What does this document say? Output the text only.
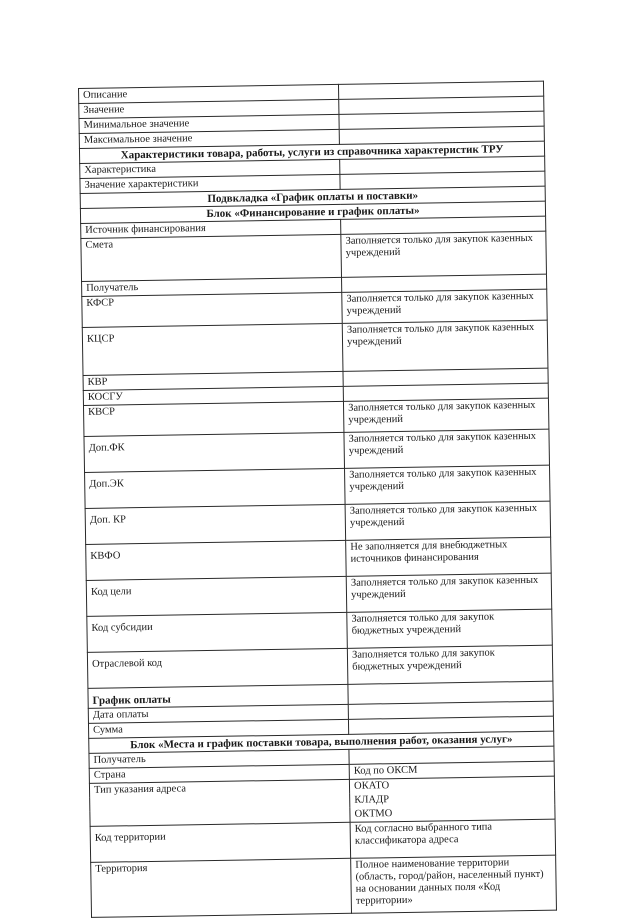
Описание	
Значение	
Минимальное значение	
Максимальное значение	
Характеристики товара, работы, услуги из справочника характеристик ТРУ	
Характеристика	
Значение характеристики	
Подвкладка «График оплаты и поставки»	
Блок «Финансирование и график оплаты»	
Источник финансирования	
Смета	Заполняется только для закупок казенных учреждений
Получатель	
КФСР	Заполняется только для закупок казенных учреждений
КЦСР	Заполняется только для закупок казенных учреждений
КВР	
КОСГУ	
КВСР	Заполняется только для закупок казенных учреждений
Доп.ФК	Заполняется только для закупок казенных учреждений
Доп.ЭК	Заполняется только для закупок казенных учреждений
Доп. КР	Заполняется только для закупок казенных учреждений
КВФО	Не заполняется для внебюджетных источников финансирования
Код цели	Заполняется только для закупок казенных учреждений
Код субсидии	Заполняется только для закупок бюджетных учреждений
Отраслевой код	Заполняется только для закупок бюджетных учреждений
График оплаты	
Дата оплаты	
Сумма	
Блок «Места и график поставки товара, выполнения работ, оказания услуг»	
Получатель	
Страна	Код по ОКСМ
Тип указания адреса	ОКАТО
	КЛАДР
	ОКТМО
Код территории	Код согласно выбранного типа классификатора адреса
Территория	Полное наименование территории (область, город/район, населенный пункт) на основании данных поля «Код территории»
